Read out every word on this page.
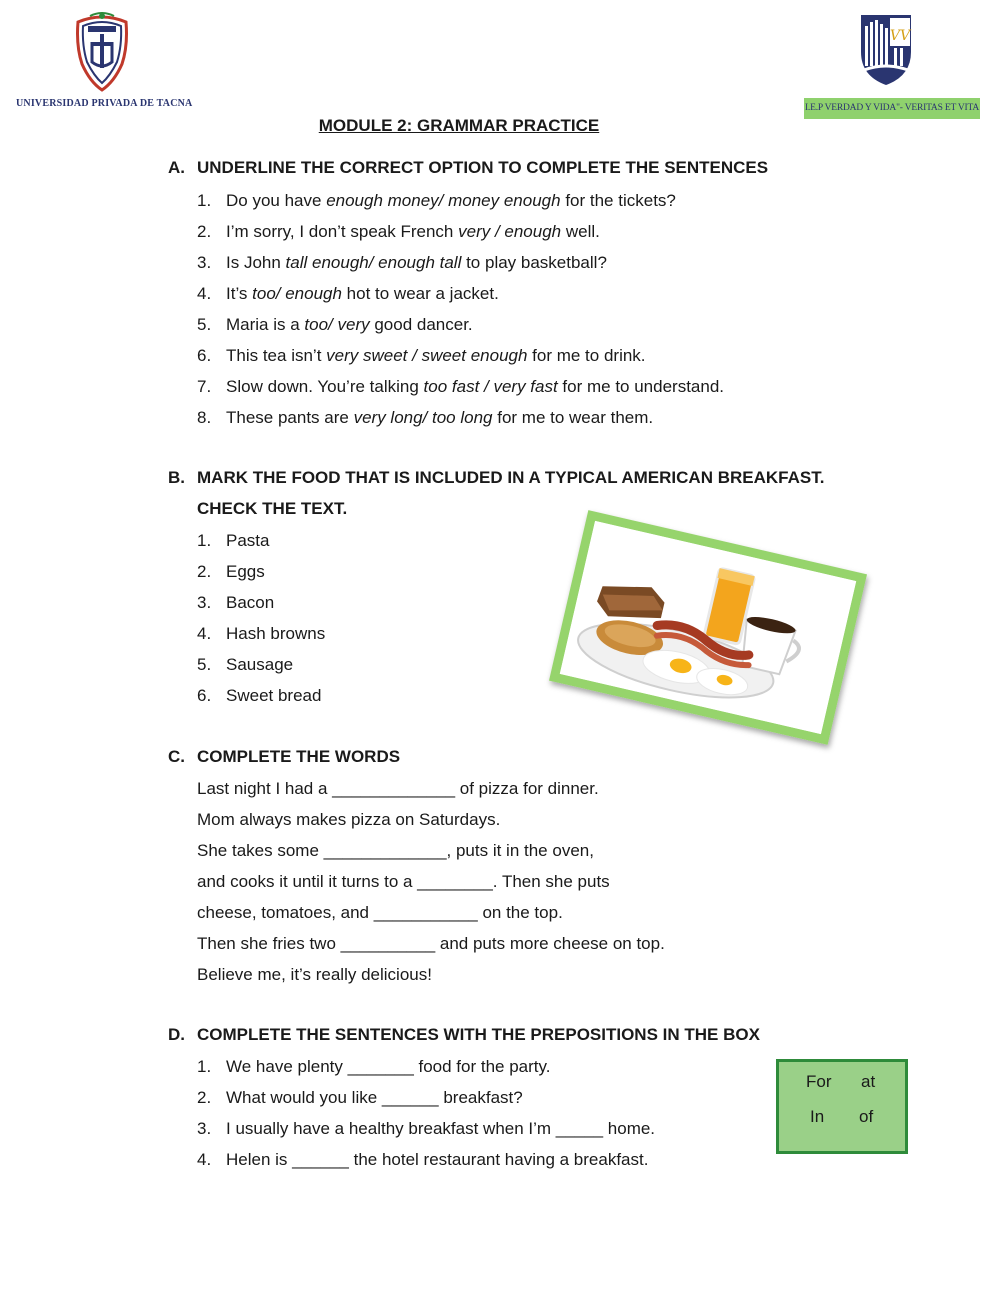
UNIVERSIDAD PRIVADA DE TACNA
VV
I.E.P VERDAD Y VIDA"- VERITAS ET VITA
MODULE 2: GRAMMAR PRACTICE
A. UNDERLINE THE CORRECT OPTION TO COMPLETE THE SENTENCES
1. Do you have enough money/ money enough for the tickets?
2. I’m sorry, I don’t speak French very / enough well.
3. Is John tall enough/ enough tall to play basketball?
4. It’s too/ enough hot to wear a jacket.
5. Maria is a too/ very good dancer.
6. This tea isn’t very sweet / sweet enough for me to drink.
7. Slow down. You’re talking too fast / very fast for me to understand.
8. These pants are very long/ too long for me to wear them.
B. MARK THE FOOD THAT IS INCLUDED IN A TYPICAL AMERICAN BREAKFAST.
CHECK THE TEXT.
1. Pasta
2. Eggs
3. Bacon
4. Hash browns
5. Sausage
6. Sweet bread
C. COMPLETE THE WORDS
Last night I had a _____________ of pizza for dinner.
Mom always makes pizza on Saturdays.
She takes some _____________, puts it in the oven,
and cooks it until it turns to a ________. Then she puts
cheese, tomatoes, and ___________ on the top.
Then she fries two __________ and puts more cheese on top.
Believe me, it’s really delicious!
D. COMPLETE THE SENTENCES WITH THE PREPOSITIONS IN THE BOX
1. We have plenty _______ food for the party.
2. What would you like ______ breakfast?
3. I usually have a healthy breakfast when I’m _____ home.
4. Helen is ______ the hotel restaurant having a breakfast.
For at
In of
